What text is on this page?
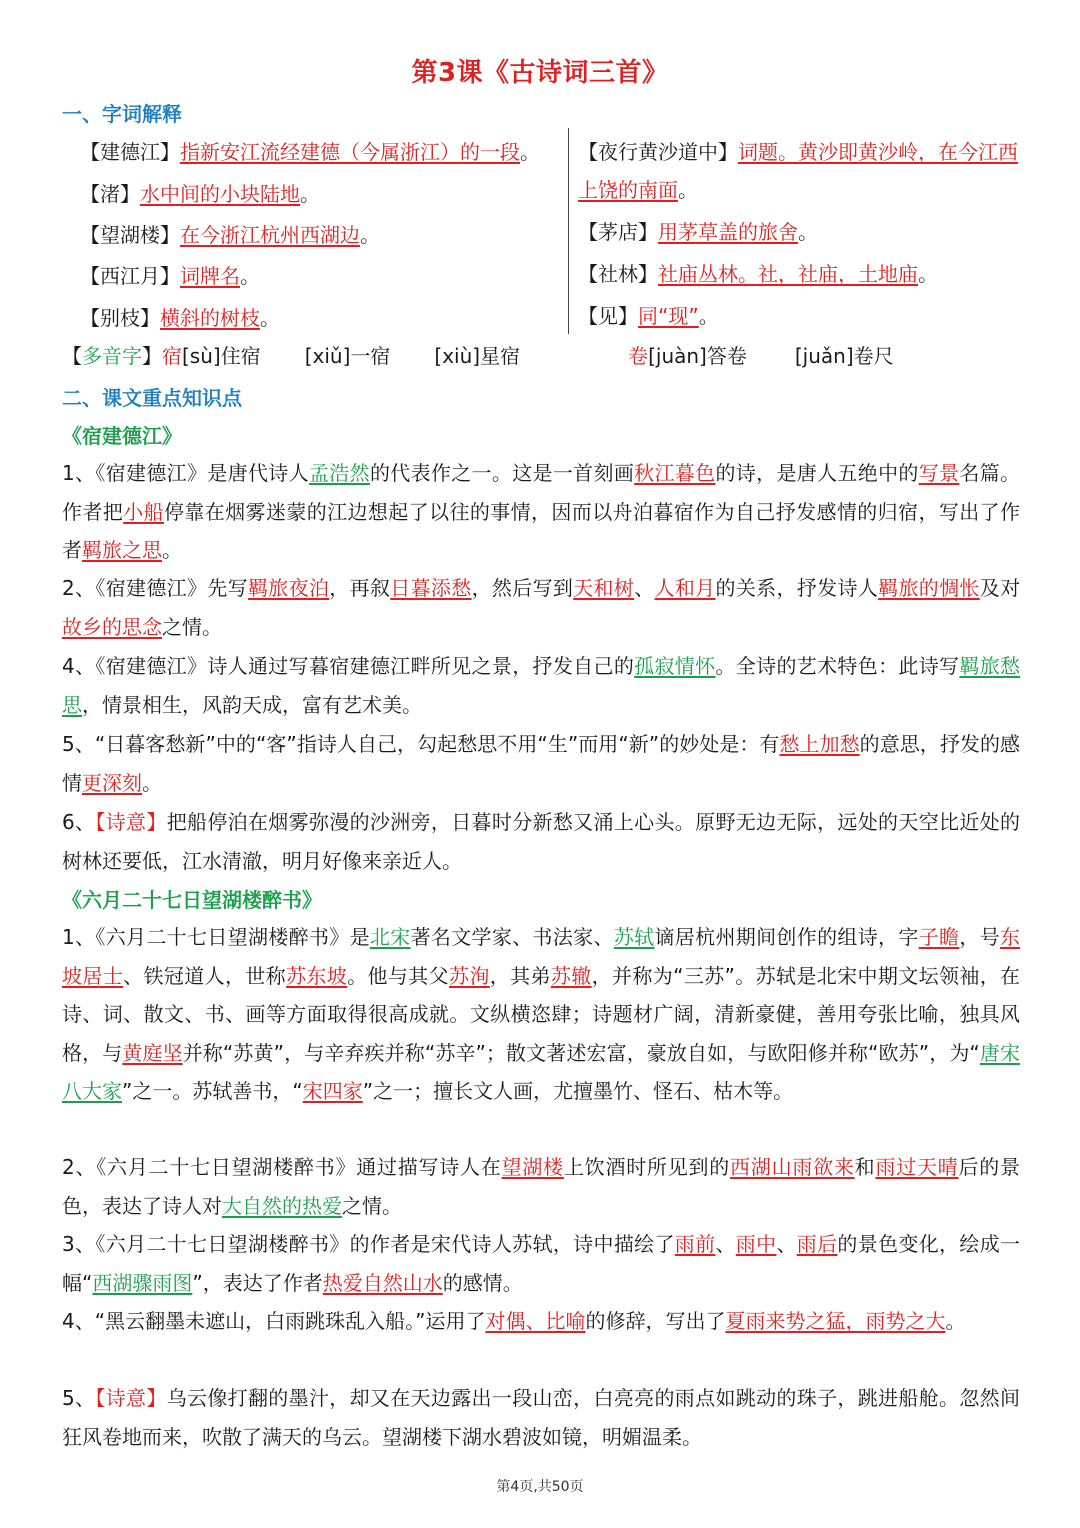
第3课《古诗词三首》
一、字词解释
【建德江】指新安江流经建德（今属浙江）的一段。
【渚】水中间的小块陆地。
【望湖楼】在今浙江杭州西湖边。
【西江月】词牌名。
【别枝】横斜的树枝。
【夜行黄沙道中】词题。黄沙即黄沙岭，在今江西上饶的南面。
【茅店】用茅草盖的旅舍。
【社林】社庙丛林。社，社庙，土地庙。
【见】同“现”。
【多音字】宿[sù]住宿 [xiǔ]一宿 [xiù]星宿	卷[juàn]答卷 [juǎn]卷尺
二、课文重点知识点
《宿建德江》
1、《宿建德江》是唐代诗人孟浩然的代表作之一。这是一首刻画秋江暮色的诗，是唐人五绝中的写景名篇。作者把小船停靠在烟雾迷蒙的江边想起了以往的事情，因而以舟泊暮宿作为自己抒发感情的归宿，写出了作者羁旅之思。
2、《宿建德江》先写羁旅夜泊，再叙日暮添愁，然后写到天和树、人和月的关系，抒发诗人羁旅的惆怅及对故乡的思念之情。
4、《宿建德江》诗人通过写暮宿建德江畔所见之景，抒发自己的孤寂情怀。全诗的艺术特色：此诗写羁旅愁思，情景相生，风韵天成，富有艺术美。
5、“日暮客愁新”中的“客”指诗人自己，勾起愁思不用“生”而用“新”的妙处是：有愁上加愁的意思，抒发的感情更深刻。
6、【诗意】把船停泊在烟雾弥漫的沙洲旁，日暮时分新愁又涌上心头。原野无边无际，远处的天空比近处的树林还要低，江水清澈，明月好像来亲近人。
《六月二十七日望湖楼醉书》
1、《六月二十七日望湖楼醉书》是北宋著名文学家、书法家、苏轼谪居杭州期间创作的组诗，字子瞻，号东坡居士、铁冠道人，世称苏东坡。他与其父苏洵，其弟苏辙，并称为“三苏”。苏轼是北宋中期文坛领袖，在诗、词、散文、书、画等方面取得很高成就。文纵横恣肆；诗题材广阔，清新豪健，善用夸张比喻，独具风格，与黄庭坚并称“苏黄”，与辛弃疾并称“苏辛”；散文著述宏富，豪放自如，与欧阳修并称“欧苏”，为“唐宋八大家”之一。苏轼善书，“宋四家”之一；擅长文人画，尤擅墨竹、怪石、枯木等。
2、《六月二十七日望湖楼醉书》通过描写诗人在望湖楼上饮酒时所见到的西湖山雨欲来和雨过天晴后的景色，表达了诗人对大自然的热爱之情。
3、《六月二十七日望湖楼醉书》的作者是宋代诗人苏轼，诗中描绘了雨前、雨中、雨后的景色变化，绘成一幅“西湖骤雨图”，表达了作者热爱自然山水的感情。
4、“黑云翻墨未遮山，白雨跳珠乱入船。”运用了对偶、比喻的修辞，写出了夏雨来势之猛，雨势之大。
5、【诗意】乌云像打翻的墨汁，却又在天边露出一段山峦，白亮亮的雨点如跳动的珠子，跳进船舱。忽然间狂风卷地而来，吹散了满天的乌云。望湖楼下湖水碧波如镜，明媚温柔。
第4页,共50页
